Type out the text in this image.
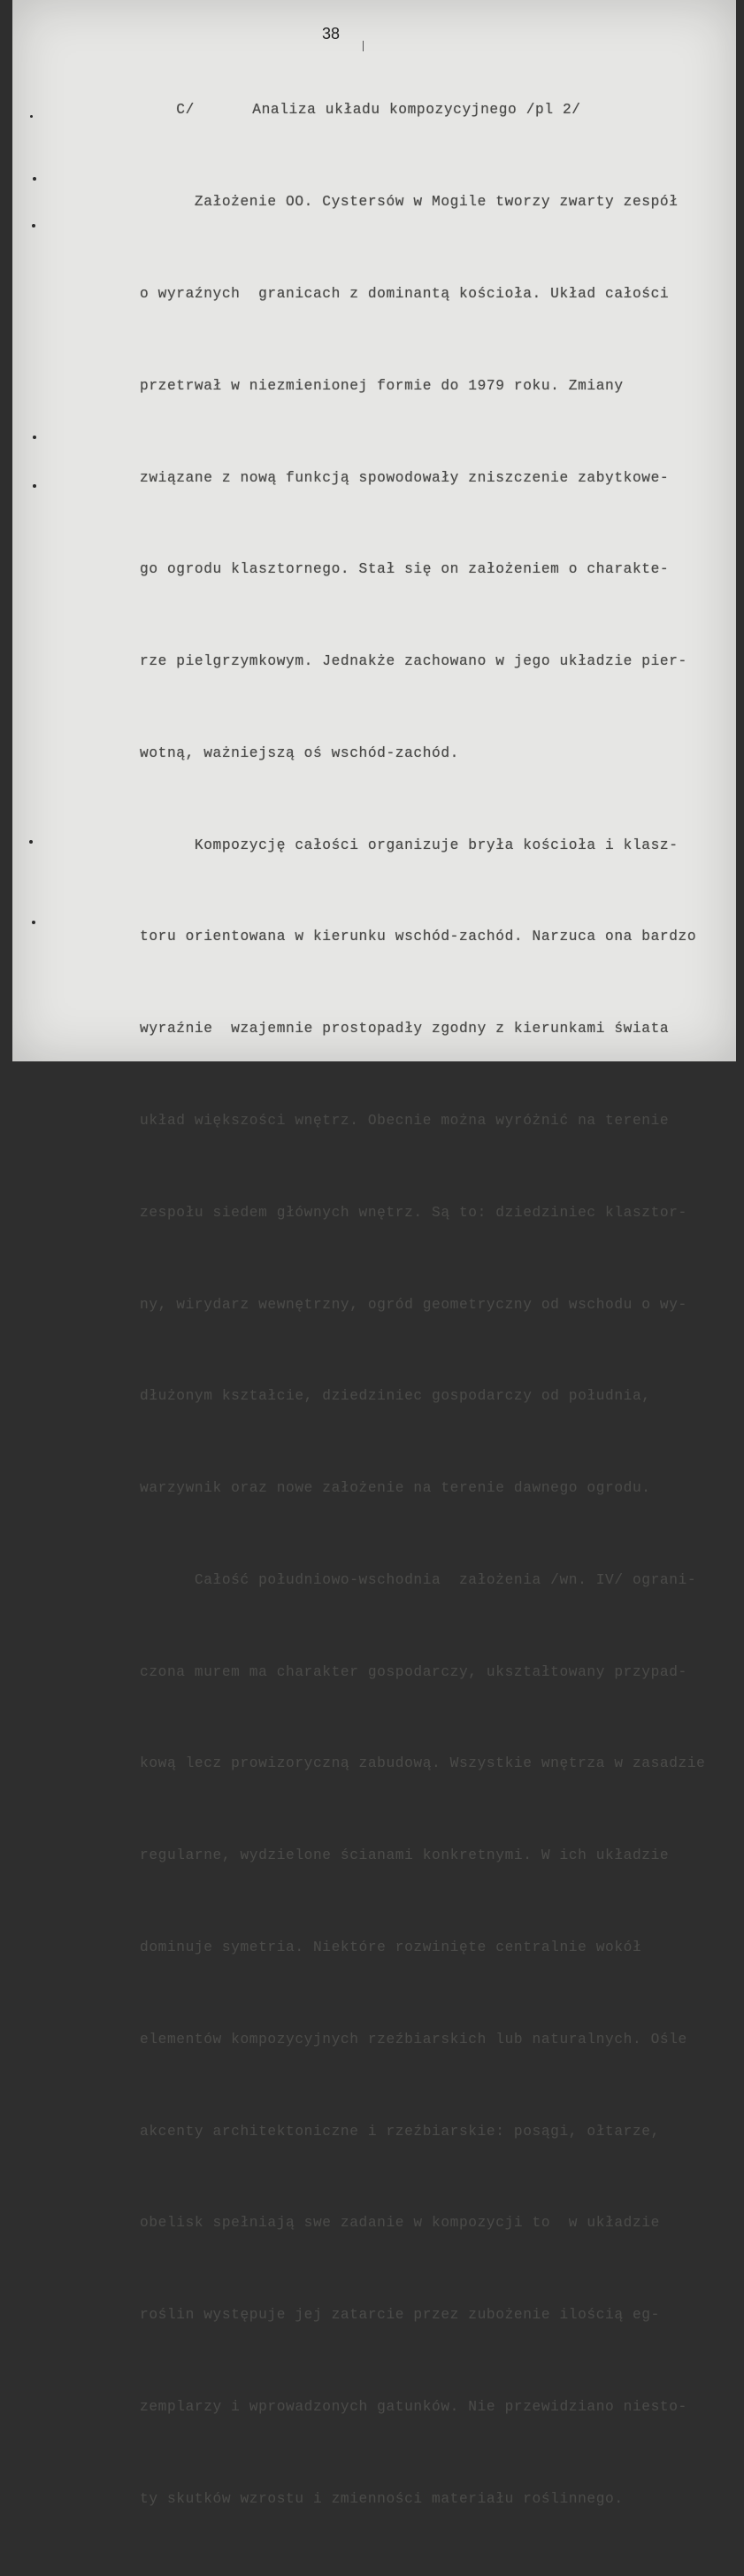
38

C/	Analiza układu kompozycyjnego /pl 2/

Założenie OO. Cystersów w Mogile tworzy zwarty zespół

o wyraźnych  granicach z dominantą kościoła. Układ całości

przetrwał w niezmienionej formie do 1979 roku. Zmiany

związane z nową funkcją spowodowały zniszczenie zabytkowe-

go ogrodu klasztornego. Stał się on założeniem o charakte-

rze pielgrzymkowym. Jednakże zachowano w jego układzie pier-

wotną, ważniejszą oś wschód-zachód.

Kompozycję całości organizuje bryła kościoła i klasz-

toru orientowana w kierunku wschód-zachód. Narzuca ona bardzo

wyraźnie  wzajemnie prostopadły zgodny z kierunkami świata

układ większości wnętrz. Obecnie można wyróżnić na terenie

zespołu siedem głównych wnętrz. Są to: dziedziniec klasztor-

ny, wirydarz wewnętrzny, ogród geometryczny od wschodu o wy-

dłużonym kształcie, dziedziniec gospodarczy od południa,

warzywnik oraz nowe założenie na terenie dawnego ogrodu.

Całość południowo-wschodnia  założenia /wn. IV/ ograni-

czona murem ma charakter gospodarczy, ukształtowany przypad-

kową lecz prowizoryczną zabudową. Wszystkie wnętrza w zasadzie

regularne, wydzielone ścianami konkretnymi. W ich układzie

dominuje symetria. Niektóre rozwinięte centralnie wokół

elementów kompozycyjnych rzeźbiarskich lub naturalnych. Ośle

akcenty architektoniczne i rzeźbiarskie: posągi, ołtarze,

obelisk spełniają swe zadanie w kompozycji to  w układzie

roślin występuje jej zatarcie przez zubożenie ilością eg-

zemplarzy i wprowadzonych gatunków. Nie przewidziano niesto-

ty skutków wzrostu i zmienności materiału roślinnego.
